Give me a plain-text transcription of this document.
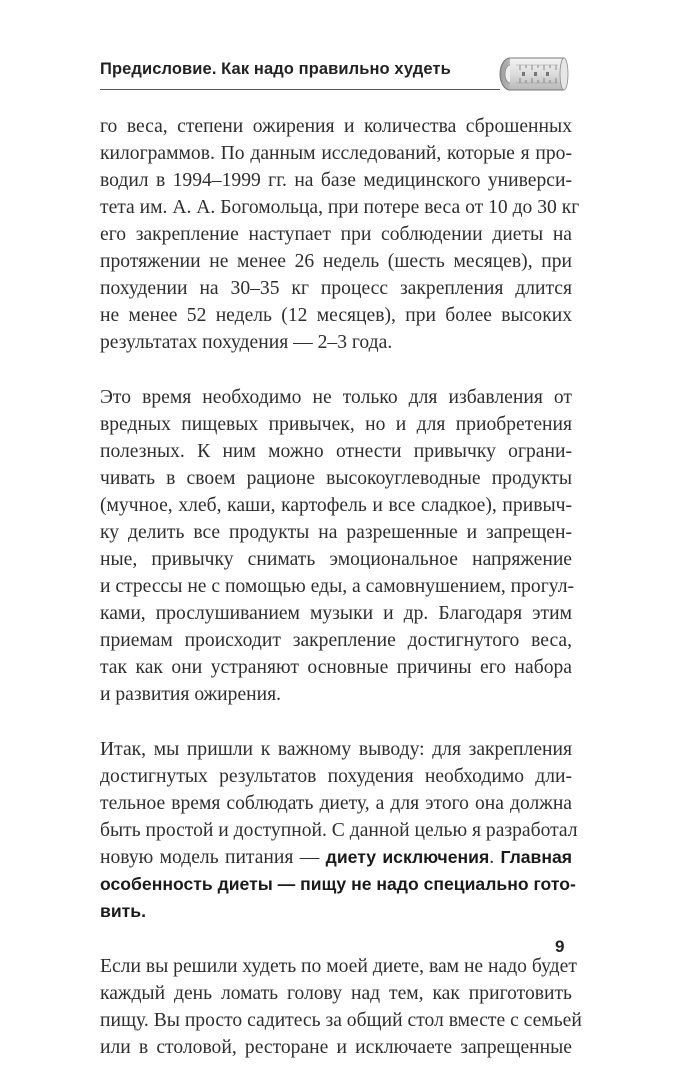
Предисловие. Как надо правильно худеть
го веса, степени ожирения и количества сброшенных
килограммов. По данным исследований, которые я про-
водил в 1994–1999 гг. на базе медицинского универси-
тета им. А. А. Богомольца, при потере веса от 10 до 30 кг
его закрепление наступает при соблюдении диеты на
протяжении не менее 26 недель (шесть месяцев), при
похудении на 30–35 кг процесс закрепления длится
не менее 52 недель (12 месяцев), при более высоких
результатах похудения — 2–3 года.
Это время необходимо не только для избавления от
вредных пищевых привычек, но и для приобретения
полезных. К ним можно отнести привычку ограни-
чивать в своем рационе высокоуглеводные продукты
(мучное, хлеб, каши, картофель и все сладкое), привыч-
ку делить все продукты на разрешенные и запрещен-
ные, привычку снимать эмоциональное напряжение
и стрессы не с помощью еды, а самовнушением, прогул-
ками, прослушиванием музыки и др. Благодаря этим
приемам происходит закрепление достигнутого веса,
так как они устраняют основные причины его набора
и развития ожирения.
Итак, мы пришли к важному выводу: для закрепления
достигнутых результатов похудения необходимо дли-
тельное время соблюдать диету, а для этого она должна
быть простой и доступной. С данной целью я разработал
новую модель питания — диету исключения. Главная
особенность диеты — пищу не надо специально гото-
вить.
Если вы решили худеть по моей диете, вам не надо будет
каждый день ломать голову над тем, как приготовить
пищу. Вы просто садитесь за общий стол вместе с семьей
или в столовой, ресторане и исключаете запрещенные
9
